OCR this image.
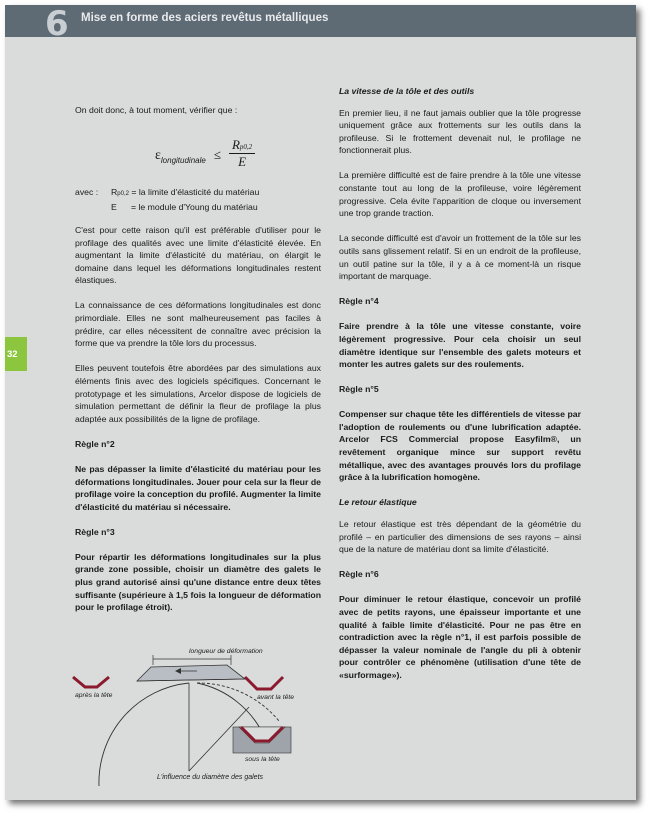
6 Mise en forme des aciers revêtus métalliques
32

On doit donc, à tout moment, vérifier que :

$\varepsilon_{longitudinale} \le \frac{Rp0,2}{E}$
avec : Rp0,2 = la limite d'élasticité du matériau
E = le module d'Young du matériau

C'est pour cette raison qu'il est préférable d'utiliser pour le profilage des qualités avec une limite d'élasticité élevée. En augmentant la limite d'élasticité du matériau, on élargit le domaine dans lequel les déformations longitudinales restent élastiques.

La connaissance de ces déformations longitudinales est donc primordiale. Elles ne sont malheureusement pas faciles à prédire, car elles nécessitent de connaître avec précision la forme que va prendre la tôle lors du processus.

Elles peuvent toutefois être abordées par des simulations aux éléments finis avec des logiciels spécifiques. Concernant le prototypage et les simulations, Arcelor dispose de logiciels de simulation permettant de définir la fleur de profilage la plus adaptée aux possibilités de la ligne de profilage.

Règle n°2

Ne pas dépasser la limite d'élasticité du matériau pour les déformations longitudinales. Jouer pour cela sur la fleur de profilage voire la conception du profilé. Augmenter la limite d'élasticité du matériau si nécessaire.

Règle n°3

Pour répartir les déformations longitudinales sur la plus grande zone possible, choisir un diamètre des galets le plus grand autorisé ainsi qu'une distance entre deux têtes suffisante (supérieure à 1,5 fois la longueur de déformation pour le profilage étroit).

longueur de déformation
après la tête	avant la tête
sous la tête
L'influence du diamètre des galets

La vitesse de la tôle et des outils

En premier lieu, il ne faut jamais oublier que la tôle progresse uniquement grâce aux frottements sur les outils dans la profileuse. Si le frottement devenait nul, le profilage ne fonctionnerait plus.

La première difficulté est de faire prendre à la tôle une vitesse constante tout au long de la profileuse, voire légèrement progressive. Cela évite l'apparition de cloque ou inversement une trop grande traction.

La seconde difficulté est d'avoir un frottement de la tôle sur les outils sans glissement relatif. Si en un endroit de la profileuse, un outil patine sur la tôle, il y a à ce moment-là un risque important de marquage.

Règle n°4

Faire prendre à la tôle une vitesse constante, voire légèrement progressive. Pour cela choisir un seul diamètre identique sur l'ensemble des galets moteurs et monter les autres galets sur des roulements.

Règle n°5

Compenser sur chaque tête les différentiels de vitesse par l'adoption de roulements ou d'une lubrification adaptée. Arcelor FCS Commercial propose Easyfilm®, un revêtement organique mince sur support revêtu métallique, avec des avantages prouvés lors du profilage grâce à la lubrification homogène.

Le retour élastique

Le retour élastique est très dépendant de la géométrie du profilé – en particulier des dimensions de ses rayons – ainsi que de la nature de matériau dont sa limite d'élasticité.

Règle n°6

Pour diminuer le retour élastique, concevoir un profilé avec de petits rayons, une épaisseur importante et une qualité à faible limite d'élasticité. Pour ne pas être en contradiction avec la règle n°1, il est parfois possible de dépasser la valeur nominale de l'angle du pli à obtenir pour contrôler ce phénomène (utilisation d'une tête de «surformage»).
